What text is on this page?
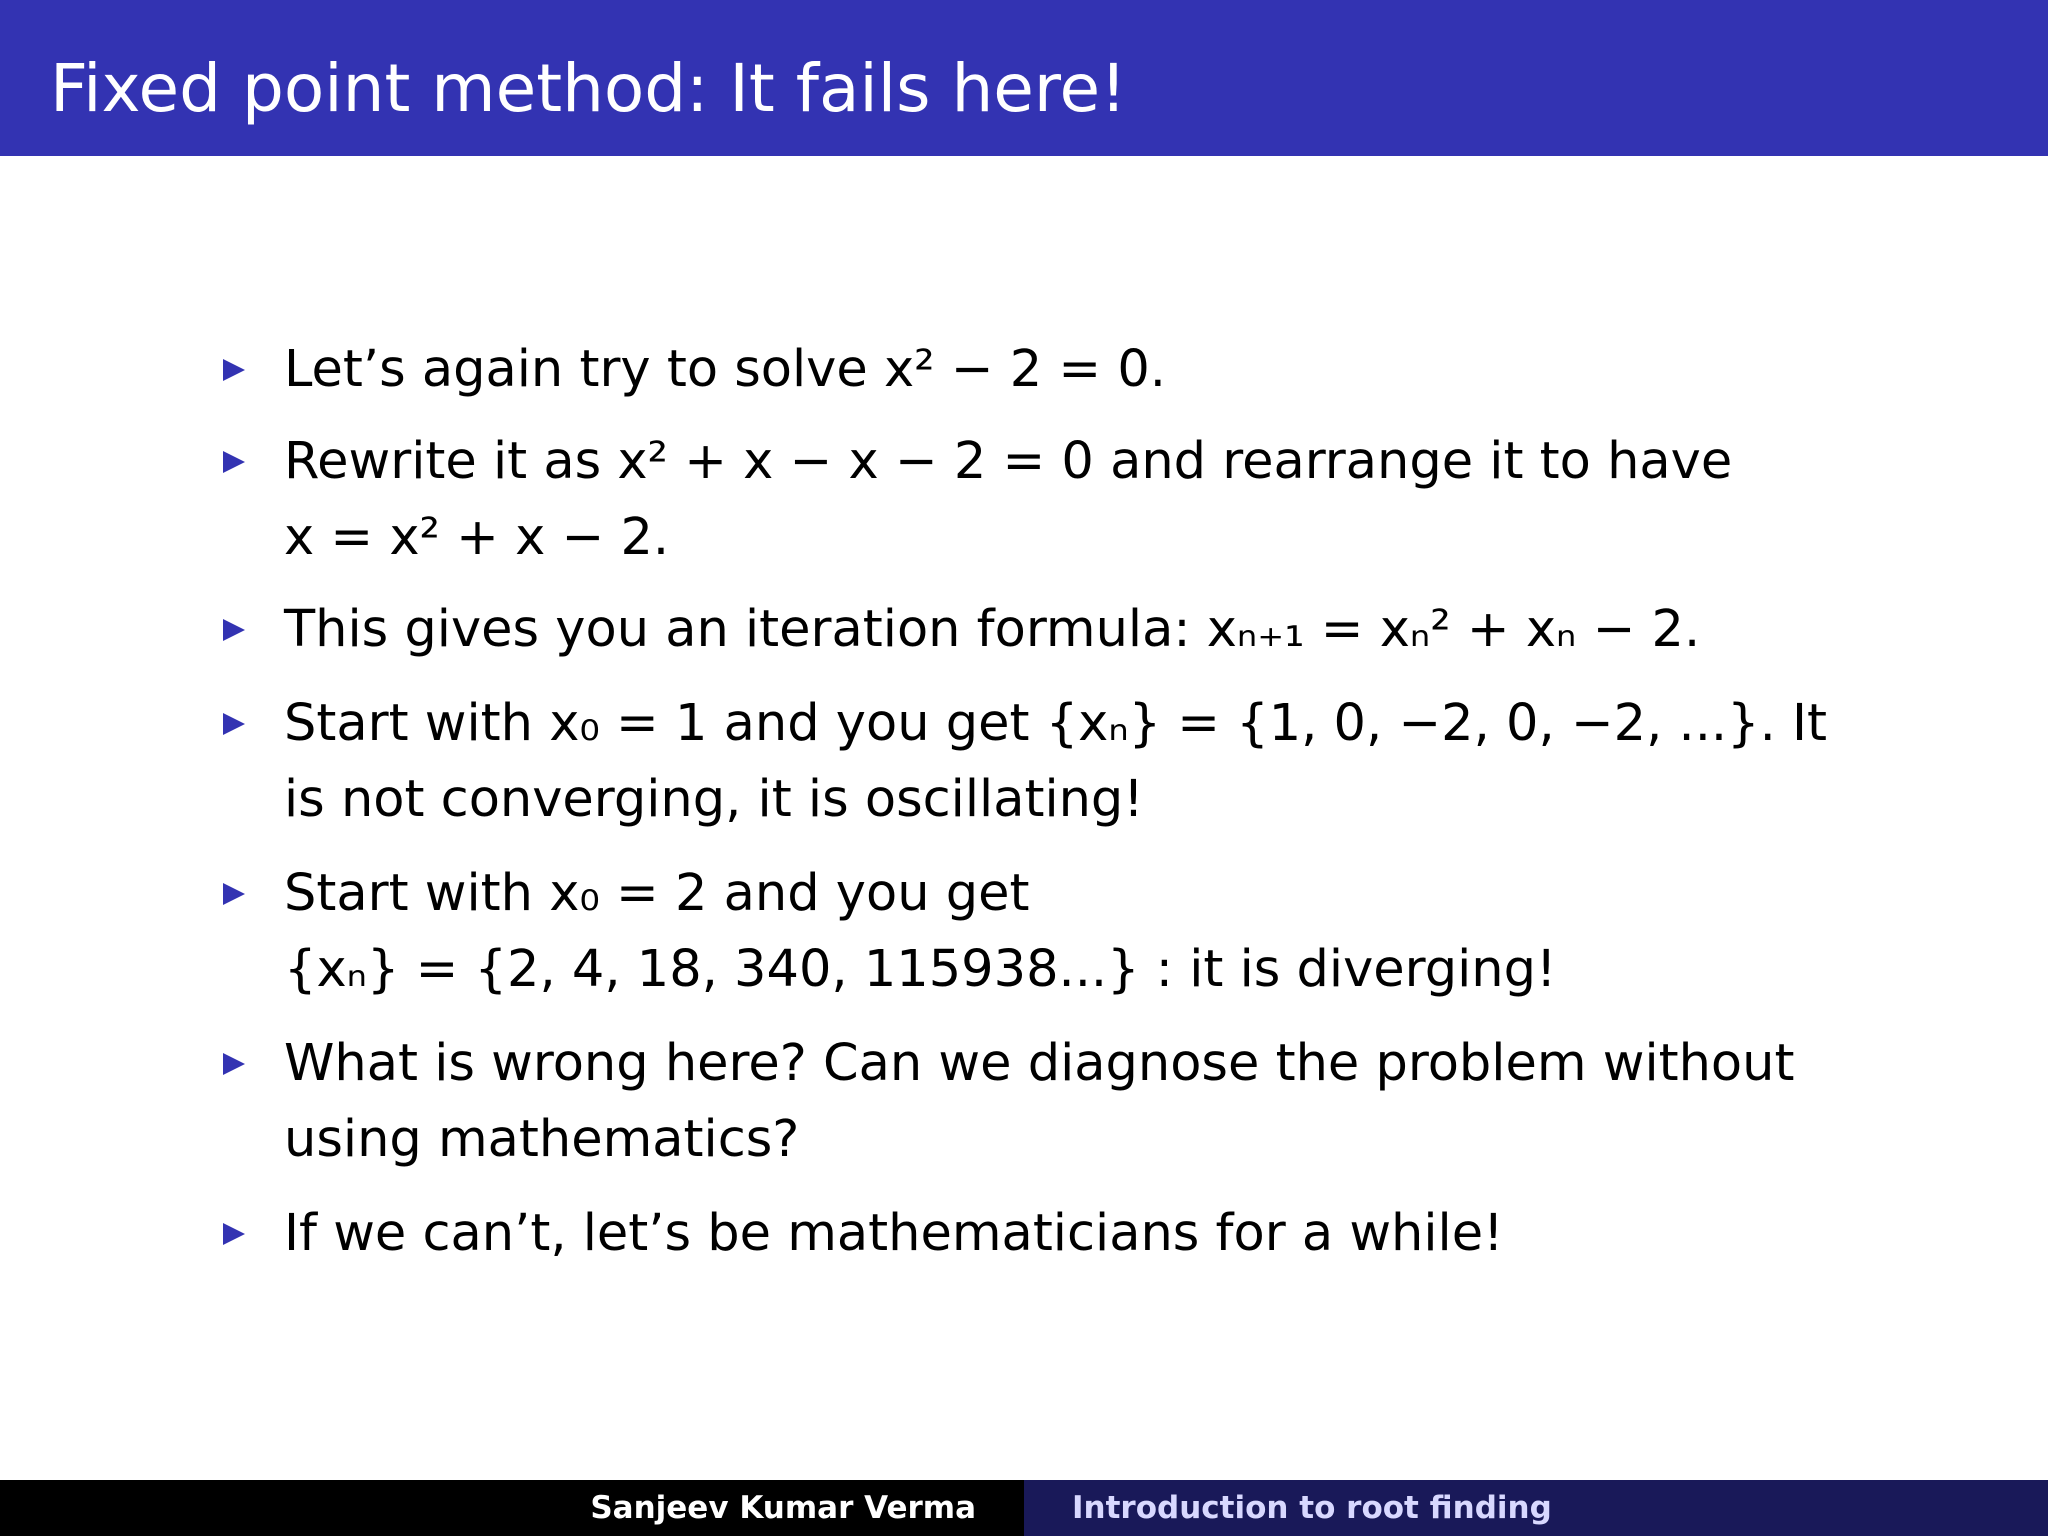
Fixed point method: It fails here!
Let’s again try to solve x² − 2 = 0.
Rewrite it as x² + x − x − 2 = 0 and rearrange it to have
x = x² + x − 2.
This gives you an iteration formula: xₙ₊₁ = xₙ² + xₙ − 2.
Start with x₀ = 1 and you get {xₙ} = {1, 0, −2, 0, −2, ...}. It
is not converging, it is oscillating!
Start with x₀ = 2 and you get
{xₙ} = {2, 4, 18, 340, 115938...} : it is diverging!
What is wrong here? Can we diagnose the problem without
using mathematics?
If we can’t, let’s be mathematicians for a while!
Sanjeev Kumar Verma	Introduction to root finding
